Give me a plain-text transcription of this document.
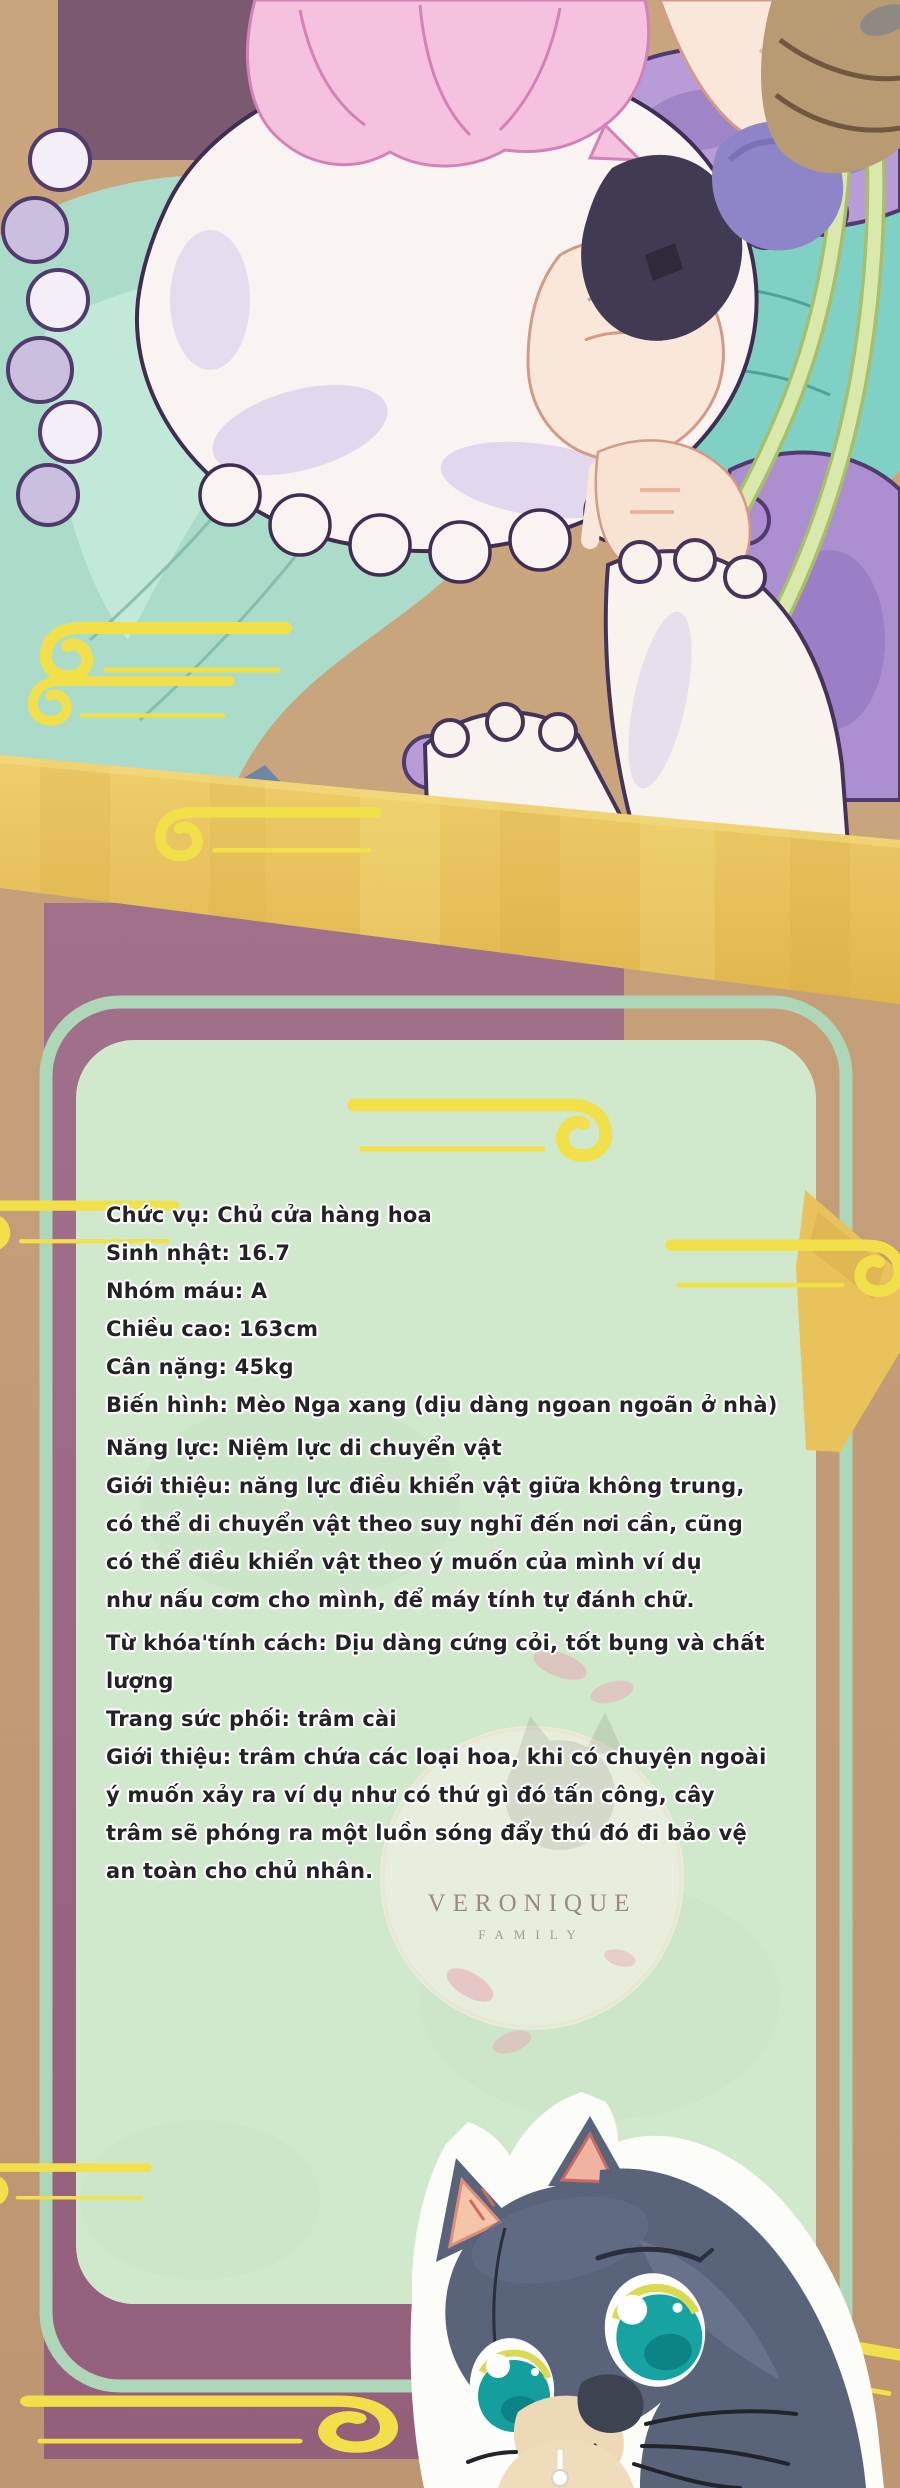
VERONIQUE
FAMILY
Chức vụ: Chủ cửa hàng hoa
Sinh nhật: 16.7
Nhóm máu: A
Chiều cao: 163cm
Cân nặng: 45kg
Biến hình: Mèo Nga xang (dịu dàng ngoan ngoãn ở nhà)
Năng lực: Niệm lực di chuyển vật
Giới thiệu: năng lực điều khiển vật giữa không trung,
có thể di chuyển vật theo suy nghĩ đến nơi cần, cũng
có thể điều khiển vật theo ý muốn của mình ví dụ
như nấu cơm cho mình, để máy tính tự đánh chữ.
Từ khóa'tính cách: Dịu dàng cứng cỏi, tốt bụng và chất
lượng
Trang sức phối: trâm cài
Giới thiệu: trâm chứa các loại hoa, khi có chuyện ngoài
ý muốn xảy ra ví dụ như có thứ gì đó tấn công, cây
trâm sẽ phóng ra một luồn sóng đẩy thú đó đi bảo vệ
an toàn cho chủ nhân.
